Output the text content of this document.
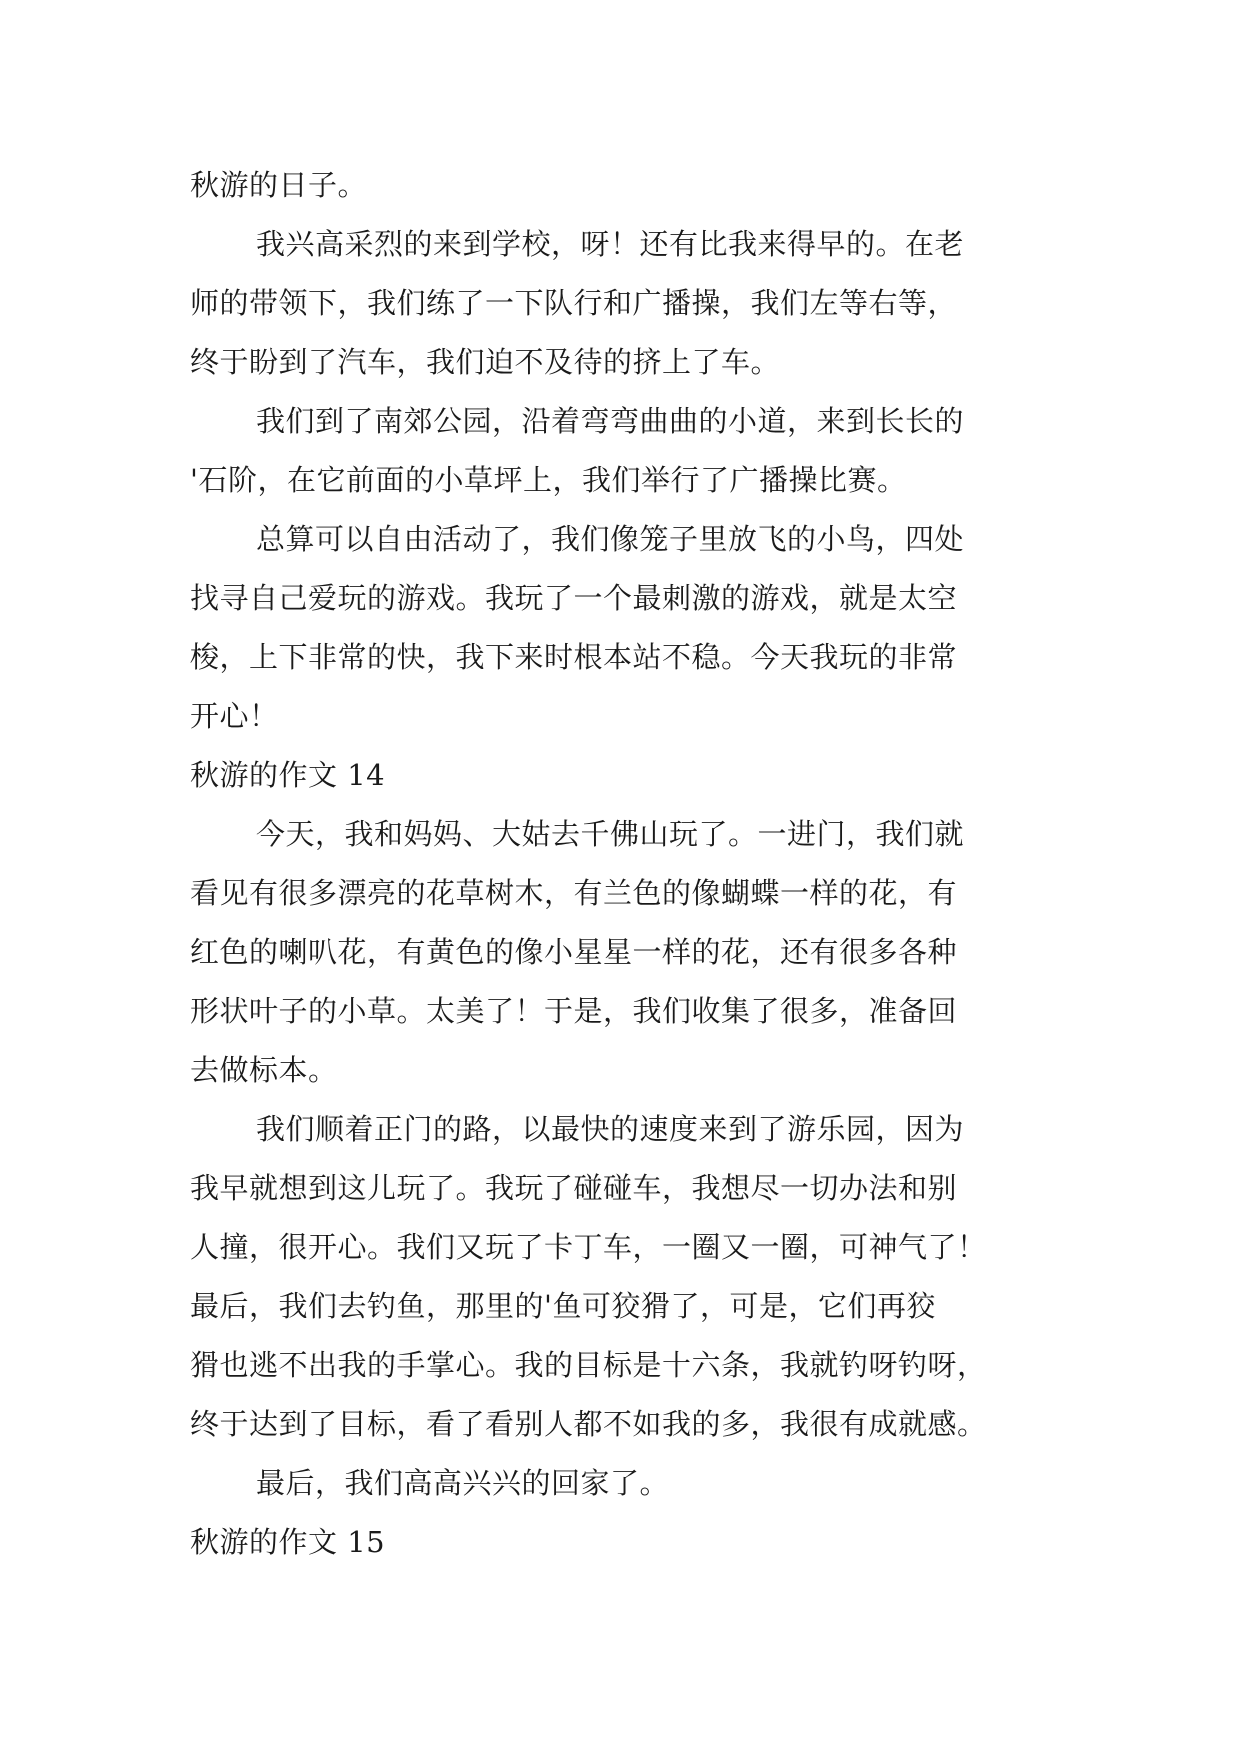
秋游的日子。
我兴高采烈的来到学校，呀！还有比我来得早的。在老
师的带领下，我们练了一下队行和广播操，我们左等右等，
终于盼到了汽车，我们迫不及待的挤上了车。
我们到了南郊公园，沿着弯弯曲曲的小道，来到长长的
'石阶，在它前面的小草坪上，我们举行了广播操比赛。
总算可以自由活动了，我们像笼子里放飞的小鸟，四处
找寻自己爱玩的游戏。我玩了一个最刺激的游戏，就是太空
梭，上下非常的快，我下来时根本站不稳。今天我玩的非常
开心！
秋游的作文 14
今天，我和妈妈、大姑去千佛山玩了。一进门，我们就
看见有很多漂亮的花草树木，有兰色的像蝴蝶一样的花，有
红色的喇叭花，有黄色的像小星星一样的花，还有很多各种
形状叶子的小草。太美了！于是，我们收集了很多，准备回
去做标本。
我们顺着正门的路，以最快的速度来到了游乐园，因为
我早就想到这儿玩了。我玩了碰碰车，我想尽一切办法和别
人撞，很开心。我们又玩了卡丁车，一圈又一圈，可神气了！
最后，我们去钓鱼，那里的'鱼可狡猾了，可是，它们再狡
猾也逃不出我的手掌心。我的目标是十六条，我就钓呀钓呀，
终于达到了目标，看了看别人都不如我的多，我很有成就感。
最后，我们高高兴兴的回家了。
秋游的作文 15
